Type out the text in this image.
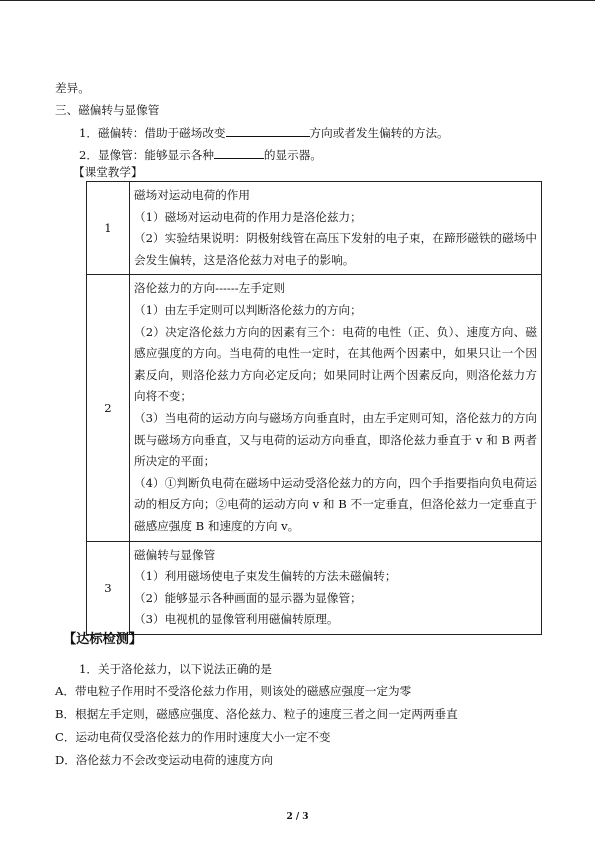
差异。
三、磁偏转与显像管
1．磁偏转：借助于磁场改变	方向或者发生偏转的方法。
2．显像管：能够显示各种	的显示器。
【课堂教学】
1	磁场对运动电荷的作用

（1）磁场对运动电荷的作用力是洛伦兹力；

（2）实验结果说明：阴极射线管在高压下发射的电子束，在蹄形磁铁的磁场中会发生偏转，这是洛伦兹力对电子的影响。

2	洛伦兹力的方向------左手定则

（1）由左手定则可以判断洛伦兹力的方向；

（2）决定洛伦兹力方向的因素有三个：电荷的电性（正、负）、速度方向、磁感应强度的方向。当电荷的电性一定时，在其他两个因素中，如果只让一个因素反向，则洛伦兹力方向必定反向；如果同时让两个因素反向，则洛伦兹力方向将不变；

（3）当电荷的运动方向与磁场方向垂直时，由左手定则可知，洛伦兹力的方向既与磁场方向垂直，又与电荷的运动方向垂直，即洛伦兹力垂直于 v 和 B 两者所决定的平面；

（4）①判断负电荷在磁场中运动受洛伦兹力的方向，四个手指要指向负电荷运动的相反方向；②电荷的运动方向 v 和 B 不一定垂直，但洛伦兹力一定垂直于磁感应强度 B 和速度的方向 v。

3	磁偏转与显像管

（1）利用磁场使电子束发生偏转的方法未磁偏转；

（2）能够显示各种画面的显示器为显像管；

（3）电视机的显像管利用磁偏转原理。

【达标检测】
1．关于洛伦兹力，以下说法正确的是
A．带电粒子作用时不受洛伦兹力作用，则该处的磁感应强度一定为零
B．根据左手定则，磁感应强度、洛伦兹力、粒子的速度三者之间一定两两垂直
C．运动电荷仅受洛伦兹力的作用时速度大小一定不变
D．洛伦兹力不会改变运动电荷的速度方向
2 / 3
